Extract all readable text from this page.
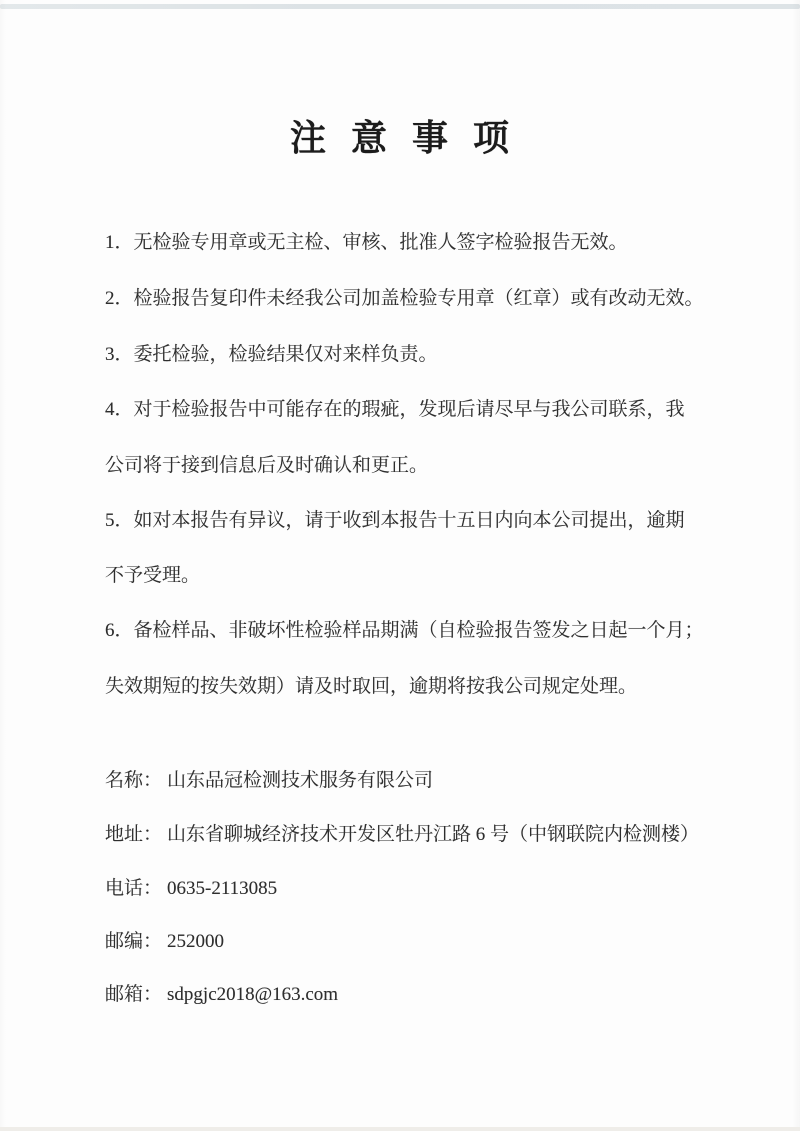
注 意 事 项
1．无检验专用章或无主检、审核、批准人签字检验报告无效。
2．检验报告复印件未经我公司加盖检验专用章（红章）或有改动无效。
3．委托检验，检验结果仅对来样负责。
4．对于检验报告中可能存在的瑕疵，发现后请尽早与我公司联系，我
公司将于接到信息后及时确认和更正。
5．如对本报告有异议，请于收到本报告十五日内向本公司提出，逾期
不予受理。
6．备检样品、非破坏性检验样品期满（自检验报告签发之日起一个月；
失效期短的按失效期）请及时取回，逾期将按我公司规定处理。
名称： 山东品冠检测技术服务有限公司
地址： 山东省聊城经济技术开发区牡丹江路 6 号（中钢联院内检测楼）
电话： 0635-2113085
邮编： 252000
邮箱： sdpgjc2018@163.com
